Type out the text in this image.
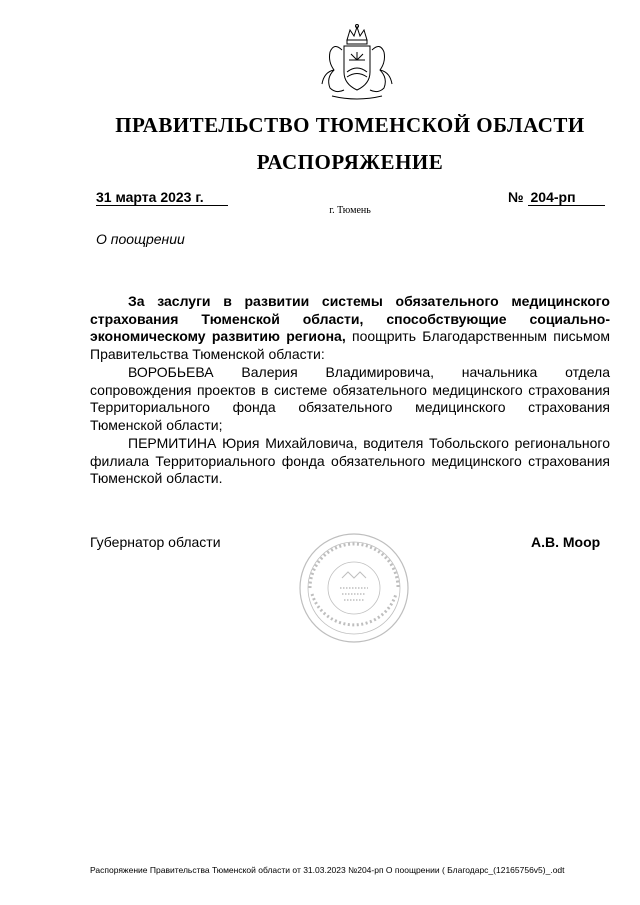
ПРАВИТЕЛЬСТВО ТЮМЕНСКОЙ ОБЛАСТИ
РАСПОРЯЖЕНИЕ
31 марта 2023 г.	№ 204-рп
г. Тюмень
О поощрении
За заслуги в развитии системы обязательного медицинского страхования Тюменской области, способствующие социально-экономическому развитию региона, поощрить Благодарственным письмом Правительства Тюменской области:
ВОРОБЬЕВА Валерия Владимировича, начальника отдела сопровождения проектов в системе обязательного медицинского страхования Территориального фонда обязательного медицинского страхования Тюменской области;
ПЕРМИТИНА Юрия Михайловича, водителя Тобольского регионального филиала Территориального фонда обязательного медицинского страхования Тюменской области.
Губернатор области	А.В. Моор
Распоряжение Правительства Тюменской области от 31.03.2023 №204-рп О поощрении ( Благодарс_(12165756v5)_.odt
